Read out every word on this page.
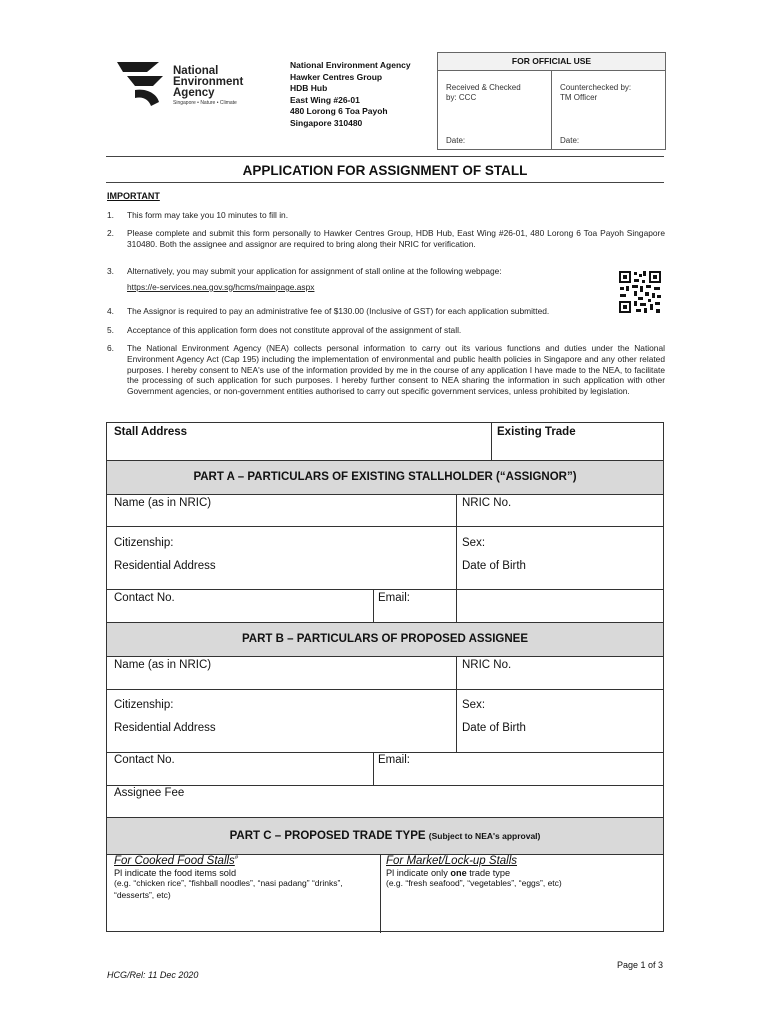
National
Environment
Agency
Singapore • Nature • Climate
National Environment Agency
Hawker Centres Group
HDB Hub
East Wing #26-01
480 Lorong 6 Toa Payoh
Singapore 310480
FOR OFFICIAL USE
Received & Checked
by: CCC
Date:
Counterchecked by:
TM Officer
Date:
APPLICATION FOR ASSIGNMENT OF STALL
IMPORTANT
1. This form may take you 10 minutes to fill in.
2. Please complete and submit this form personally to Hawker Centres Group, HDB Hub, East Wing #26-01, 480 Lorong 6 Toa Payoh Singapore 310480. Both the assignee and assignor are required to bring along their NRIC for verification.
3. Alternatively, you may submit your application for assignment of stall online at the following webpage:
https://e-services.nea.gov.sg/hcms/mainpage.aspx
4. The Assignor is required to pay an administrative fee of $130.00 (Inclusive of GST) for each application submitted.
5. Acceptance of this application form does not constitute approval of the assignment of stall.
6. The National Environment Agency (NEA) collects personal information to carry out its various functions and duties under the National Environment Agency Act (Cap 195) including the implementation of environmental and public health policies in Singapore and any other related purposes. I hereby consent to NEA's use of the information provided by me in the course of any application I have made to the NEA, to facilitate the processing of such application for such purposes. I hereby further consent to NEA sharing the information in such application with other Government agencies, or non-government entities authorised to carry out specific government services, unless prohibited by legislation.
Stall Address	Existing Trade
PART A – PARTICULARS OF EXISTING STALLHOLDER (“ASSIGNOR”)
Name (as in NRIC)	NRIC No.
Citizenship:	Sex:
Residential Address	Date of Birth
Contact No.	Email:
PART B – PARTICULARS OF PROPOSED ASSIGNEE
Name (as in NRIC)	NRIC No.
Citizenship:	Sex:
Residential Address	Date of Birth
Contact No.	Email:
Assignee Fee
PART C – PROPOSED TRADE TYPE (Subject to NEA's approval)
For Cooked Food Stalls#
Pl indicate the food items sold
(e.g. “chicken rice”, “fishball noodles”, “nasi padang” “drinks”, “desserts”, etc)
For Market/Lock-up Stalls
Pl indicate only one trade type
(e.g. “fresh seafood”, “vegetables”, “eggs”, etc)
Page 1 of 3
HCG/Rel: 11 Dec 2020
